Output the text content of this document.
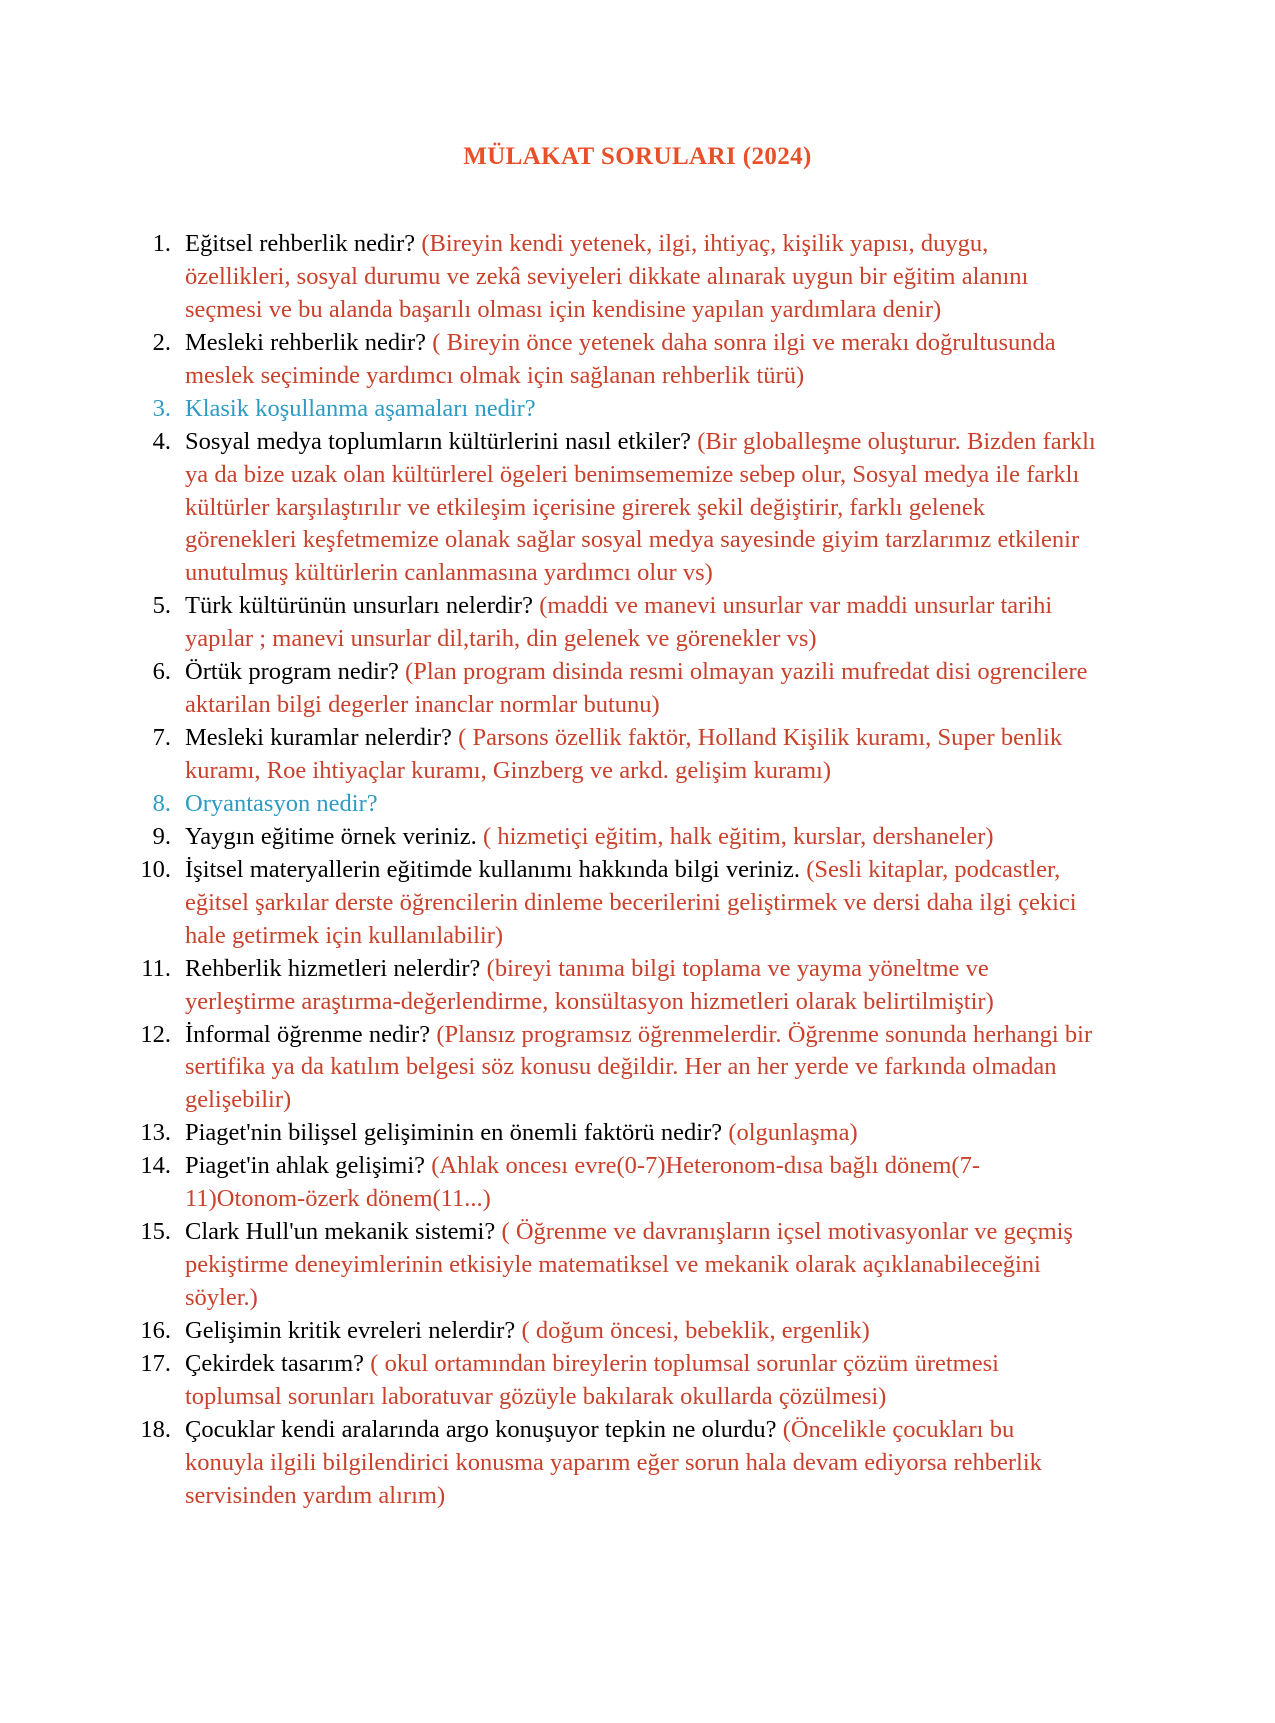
MÜLAKAT SORULARI (2024)
1. Eğitsel rehberlik nedir? (Bireyin kendi yetenek, ilgi, ihtiyaç, kişilik yapısı, duygu, özellikleri, sosyal durumu ve zekâ seviyeleri dikkate alınarak uygun bir eğitim alanını seçmesi ve bu alanda başarılı olması için kendisine yapılan yardımlara denir)
2. Mesleki rehberlik nedir? ( Bireyin önce yetenek daha sonra ilgi ve merakı doğrultusunda meslek seçiminde yardımcı olmak için sağlanan rehberlik türü)
3. Klasik koşullanma aşamaları nedir?
4. Sosyal medya toplumların kültürlerini nasıl etkiler? (Bir globalleşme oluşturur. Bizden farklı ya da bize uzak olan kültürlerel ögeleri benimsememize sebep olur, Sosyal medya ile farklı kültürler karşılaştırılır ve etkileşim içerisine girerek şekil değiştirir, farklı gelenek görenekleri keşfetmemize olanak sağlar sosyal medya sayesinde giyim tarzlarımız etkilenir unutulmuş kültürlerin canlanmasına yardımcı olur vs)
5. Türk kültürünün unsurları nelerdir? (maddi ve manevi unsurlar var maddi unsurlar tarihi yapılar ; manevi unsurlar dil,tarih, din gelenek ve görenekler vs)
6. Örtük program nedir? (Plan program disinda resmi olmayan yazili mufredat disi ogrencilere aktarilan bilgi degerler inanclar normlar butunu)
7. Mesleki kuramlar nelerdir? ( Parsons özellik faktör, Holland Kişilik kuramı, Super benlik kuramı, Roe ihtiyaçlar kuramı, Ginzberg ve arkd. gelişim kuramı)
8. Oryantasyon nedir?
9. Yaygın eğitime örnek veriniz. ( hizmetiçi eğitim, halk eğitim, kurslar, dershaneler)
10. İşitsel materyallerin eğitimde kullanımı hakkında bilgi veriniz. (Sesli kitaplar, podcastler, eğitsel şarkılar derste öğrencilerin dinleme becerilerini geliştirmek ve dersi daha ilgi çekici hale getirmek için kullanılabilir)
11. Rehberlik hizmetleri nelerdir? (bireyi tanıma bilgi toplama ve yayma yöneltme ve yerleştirme araştırma-değerlendirme, konsültasyon hizmetleri olarak belirtilmiştir)
12. İnformal öğrenme nedir? (Plansız programsız öğrenmelerdir. Öğrenme sonunda herhangi bir sertifika ya da katılım belgesi söz konusu değildir. Her an her yerde ve farkında olmadan gelişebilir)
13. Piaget'nin bilişsel gelişiminin en önemli faktörü nedir? (olgunlaşma)
14. Piaget'in ahlak gelişimi? (Ahlak oncesı evre(0-7)Heteronom-dısa bağlı dönem(7-11)Otonom-özerk dönem(11...)
15. Clark Hull'un mekanik sistemi? ( Öğrenme ve davranışların içsel motivasyonlar ve geçmiş pekiştirme deneyimlerinin etkisiyle matematiksel ve mekanik olarak açıklanabileceğini söyler.)
16. Gelişimin kritik evreleri nelerdir? ( doğum öncesi, bebeklik, ergenlik)
17. Çekirdek tasarım? ( okul ortamından bireylerin toplumsal sorunlar çözüm üretmesi toplumsal sorunları laboratuvar gözüyle bakılarak okullarda çözülmesi)
18. Çocuklar kendi aralarında argo konuşuyor tepkin ne olurdu? (Öncelikle çocukları bu konuyla ilgili bilgilendirici konusma yaparım eğer sorun hala devam ediyorsa rehberlik servisinden yardım alırım)
